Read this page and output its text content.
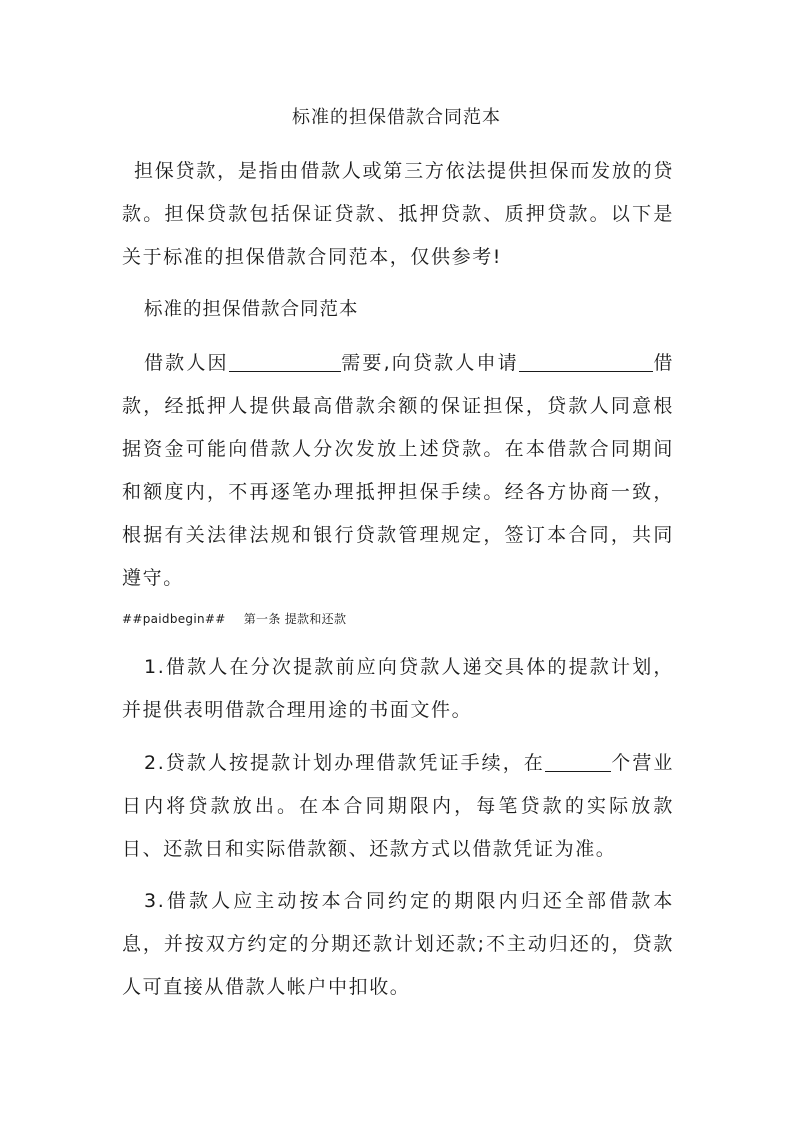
标准的担保借款合同范本
担保贷款，是指由借款人或第三方依法提供担保而发放的贷款。担保贷款包括保证贷款、抵押贷款、质押贷款。以下是关于标准的担保借款合同范本，仅供参考!
标准的担保借款合同范本
借款人因	需要,向贷款人申请	借款，经抵押人提供最高借款余额的保证担保，贷款人同意根据资金可能向借款人分次发放上述贷款。在本借款合同期间和额度内，不再逐笔办理抵押担保手续。经各方协商一致，根据有关法律法规和银行贷款管理规定，签订本合同，共同遵守。
##paidbegin## 第一条 提款和还款
1.借款人在分次提款前应向贷款人递交具体的提款计划，并提供表明借款合理用途的书面文件。
2.贷款人按提款计划办理借款凭证手续，在	个营业日内将贷款放出。在本合同期限内，每笔贷款的实际放款日、还款日和实际借款额、还款方式以借款凭证为准。
3.借款人应主动按本合同约定的期限内归还全部借款本息，并按双方约定的分期还款计划还款;不主动归还的，贷款人可直接从借款人帐户中扣收。
